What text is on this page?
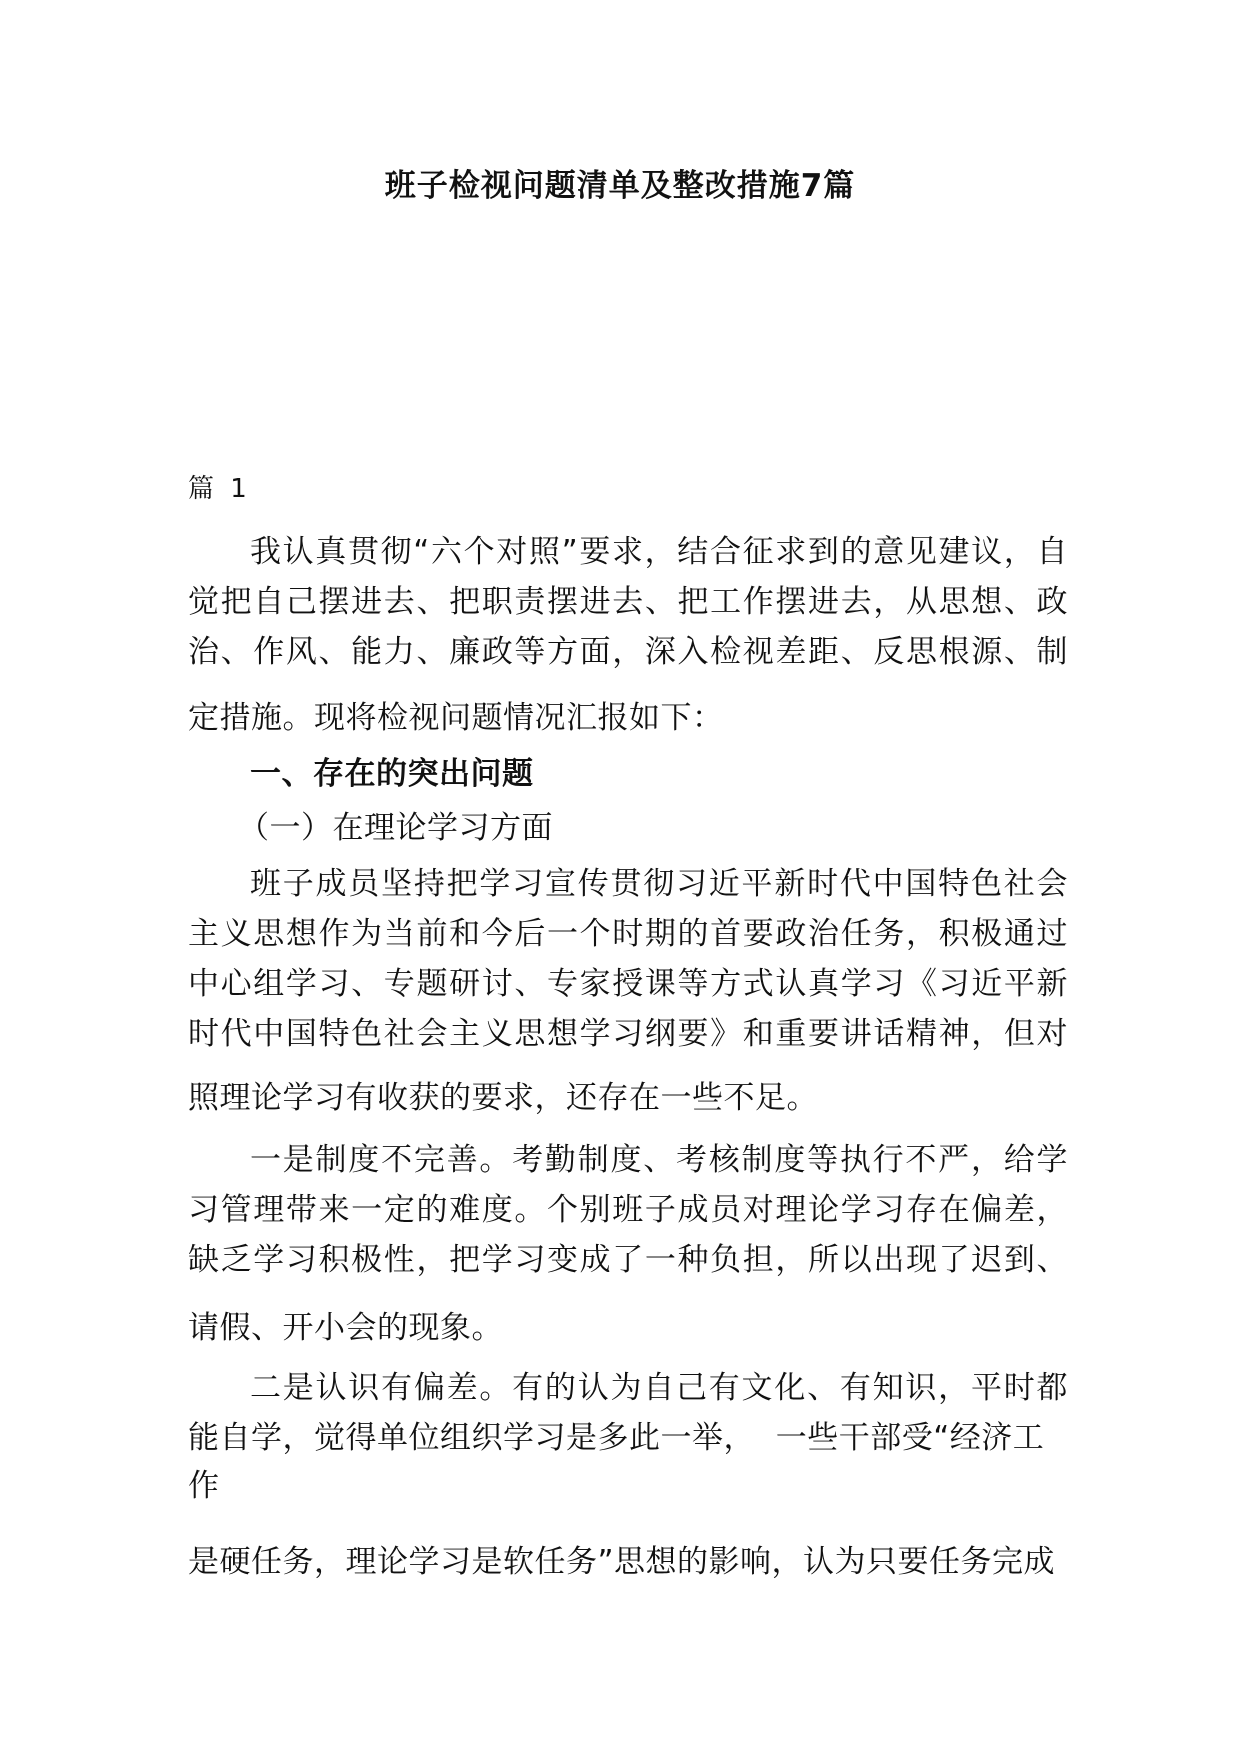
班子检视问题清单及整改措施7篇
篇 1
我认真贯彻“六个对照”要求，结合征求到的意见建议，自
觉把自己摆进去、把职责摆进去、把工作摆进去，从思想、政
治、作风、能力、廉政等方面，深入检视差距、反思根源、制
定措施。现将检视问题情况汇报如下：
一、存在的突出问题
（一）在理论学习方面
班子成员坚持把学习宣传贯彻习近平新时代中国特色社会
主义思想作为当前和今后一个时期的首要政治任务，积极通过
中心组学习、专题研讨、专家授课等方式认真学习《习近平新
时代中国特色社会主义思想学习纲要》和重要讲话精神，但对
照理论学习有收获的要求，还存在一些不足。
一是制度不完善。考勤制度、考核制度等执行不严，给学
习管理带来一定的难度。个别班子成员对理论学习存在偏差，
缺乏学习积极性，把学习变成了一种负担，所以出现了迟到、
请假、开小会的现象。
二是认识有偏差。有的认为自己有文化、有知识，平时都
能自学，觉得单位组织学习是多此一举，  一些干部受“经济工
作
是硬任务，理论学习是软任务”思想的影响，认为只要任务完成
